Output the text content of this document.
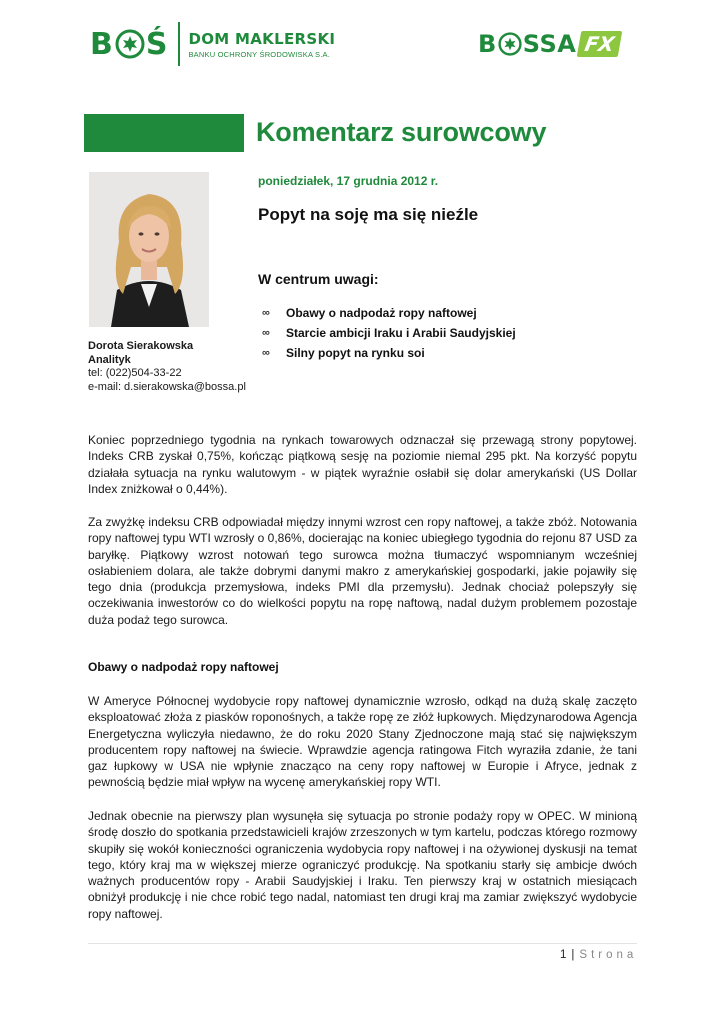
B Ś DOM MAKLERSKI
BANKU OCHRONY ŚRODOWISKA S.A.	B SSA FX
Komentarz surowcowy
Dorota Sierakowska
Analityk
tel: (022)504-33-22
e-mail: d.sierakowska@bossa.pl
poniedziałek, 17 grudnia 2012 r.
Popyt na soję ma się nieźle
W centrum uwagi:
∞	Obawy o nadpodaż ropy naftowej
∞	Starcie ambicji Iraku i Arabii Saudyjskiej
∞	Silny popyt na rynku soi

Koniec poprzedniego tygodnia na rynkach towarowych odznaczał się przewagą strony popytowej. Indeks CRB zyskał 0,75%, kończąc piątkową sesję na poziomie niemal 295 pkt. Na korzyść popytu działała sytuacja na rynku walutowym - w piątek wyraźnie osłabił się dolar amerykański (US Dollar Index zniżkował o 0,44%).

Za zwyżkę indeksu CRB odpowiadał między innymi wzrost cen ropy naftowej, a także zbóż. Notowania ropy naftowej typu WTI wzrosły o 0,86%, docierając na koniec ubiegłego tygodnia do rejonu 87 USD za baryłkę. Piątkowy wzrost notowań tego surowca można tłumaczyć wspomnianym wcześniej osłabieniem dolara, ale także dobrymi danymi makro z amerykańskiej gospodarki, jakie pojawiły się tego dnia (produkcja przemysłowa, indeks PMI dla przemysłu). Jednak chociaż polepszyły się oczekiwania inwestorów co do wielkości popytu na ropę naftową, nadal dużym problemem pozostaje duża podaż tego surowca.

Obawy o nadpodaż ropy naftowej

W Ameryce Północnej wydobycie ropy naftowej dynamicznie wzrosło, odkąd na dużą skalę zaczęto eksploatować złoża z piasków roponośnych, a także ropę ze złóż łupkowych. Międzynarodowa Agencja Energetyczna wyliczyła niedawno, że do roku 2020 Stany Zjednoczone mają stać się największym producentem ropy naftowej na świecie. Wprawdzie agencja ratingowa Fitch wyraziła zdanie, że tani gaz łupkowy w USA nie wpłynie znacząco na ceny ropy naftowej w Europie i Afryce, jednak z pewnością będzie miał wpływ na wycenę amerykańskiej ropy WTI.

Jednak obecnie na pierwszy plan wysunęła się sytuacja po stronie podaży ropy w OPEC. W minioną środę doszło do spotkania przedstawicieli krajów zrzeszonych w tym kartelu, podczas którego rozmowy skupiły się wokół konieczności ograniczenia wydobycia ropy naftowej i na ożywionej dyskusji na temat tego, który kraj ma w większej mierze ograniczyć produkcję. Na spotkaniu starły się ambicje dwóch ważnych producentów ropy - Arabii Saudyjskiej i Iraku. Ten pierwszy kraj w ostatnich miesiącach obniżył produkcję i nie chce robić tego nadal, natomiast ten drugi kraj ma zamiar zwiększyć wydobycie ropy naftowej.

1 | Strona
